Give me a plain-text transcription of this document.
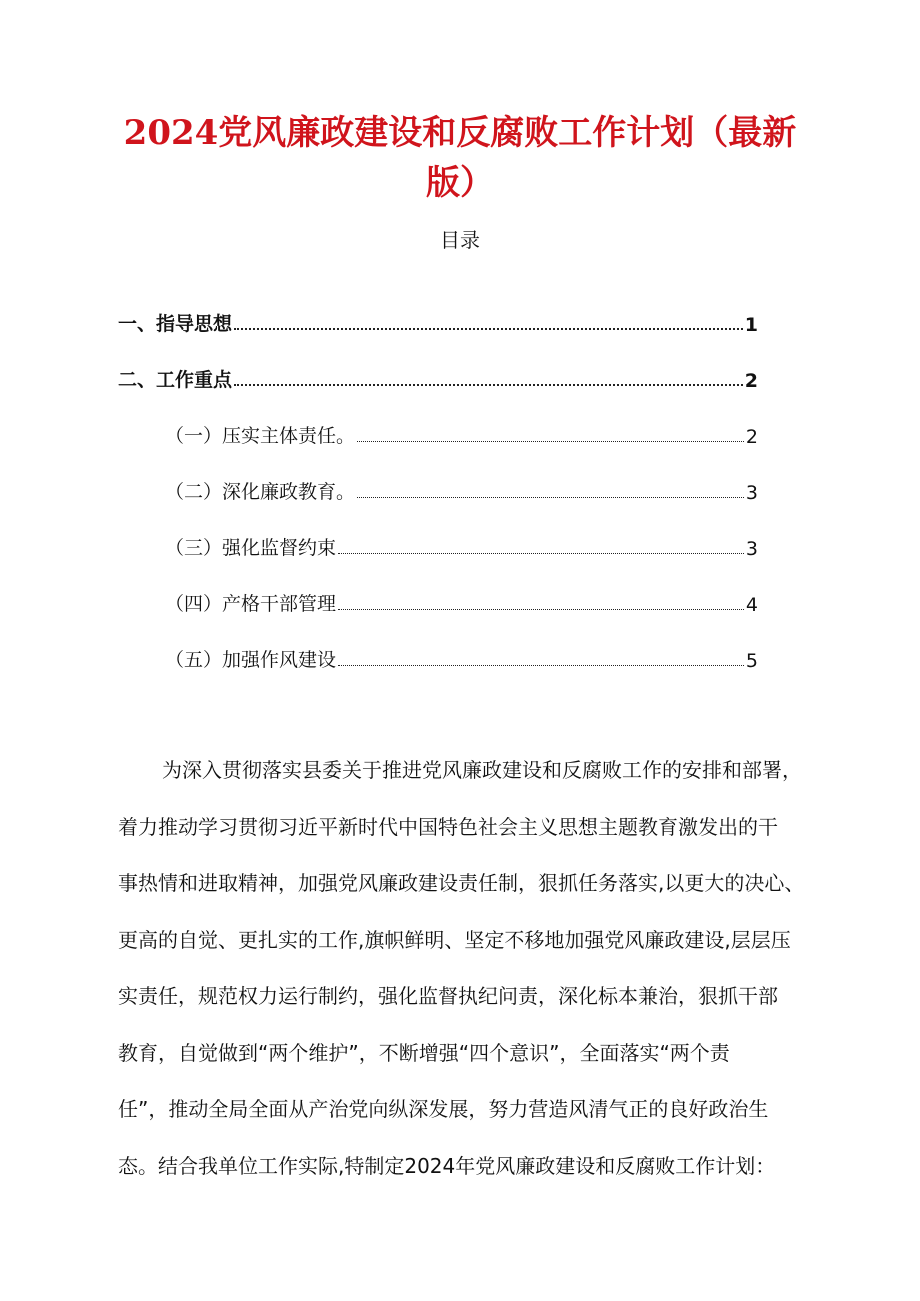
2024党风廉政建设和反腐败工作计划（最新
版）
目录
一、指导思想	1
二、工作重点	2
（一）压实主体责任。	2
（二）深化廉政教育。	3
（三）强化监督约束	3
（四）产格干部管理	4
（五）加强作风建设	5
为深入贯彻落实县委关于推进党风廉政建设和反腐败工作的安排和部署，
着力推动学习贯彻习近平新时代中国特色社会主义思想主题教育激发出的干
事热情和进取精神，加强党风廉政建设责任制，狠抓任务落实,以更大的决心、
更高的自觉、更扎实的工作,旗帜鲜明、坚定不移地加强党风廉政建设,层层压
实责任，规范权力运行制约，强化监督执纪问责，深化标本兼治，狠抓干部
教育，自觉做到“两个维护”，不断增强“四个意识”，全面落实“两个责
任”，推动全局全面从产治党向纵深发展，努力营造风清气正的良好政治生
态。结合我单位工作实际,特制定2024年党风廉政建设和反腐败工作计划：
